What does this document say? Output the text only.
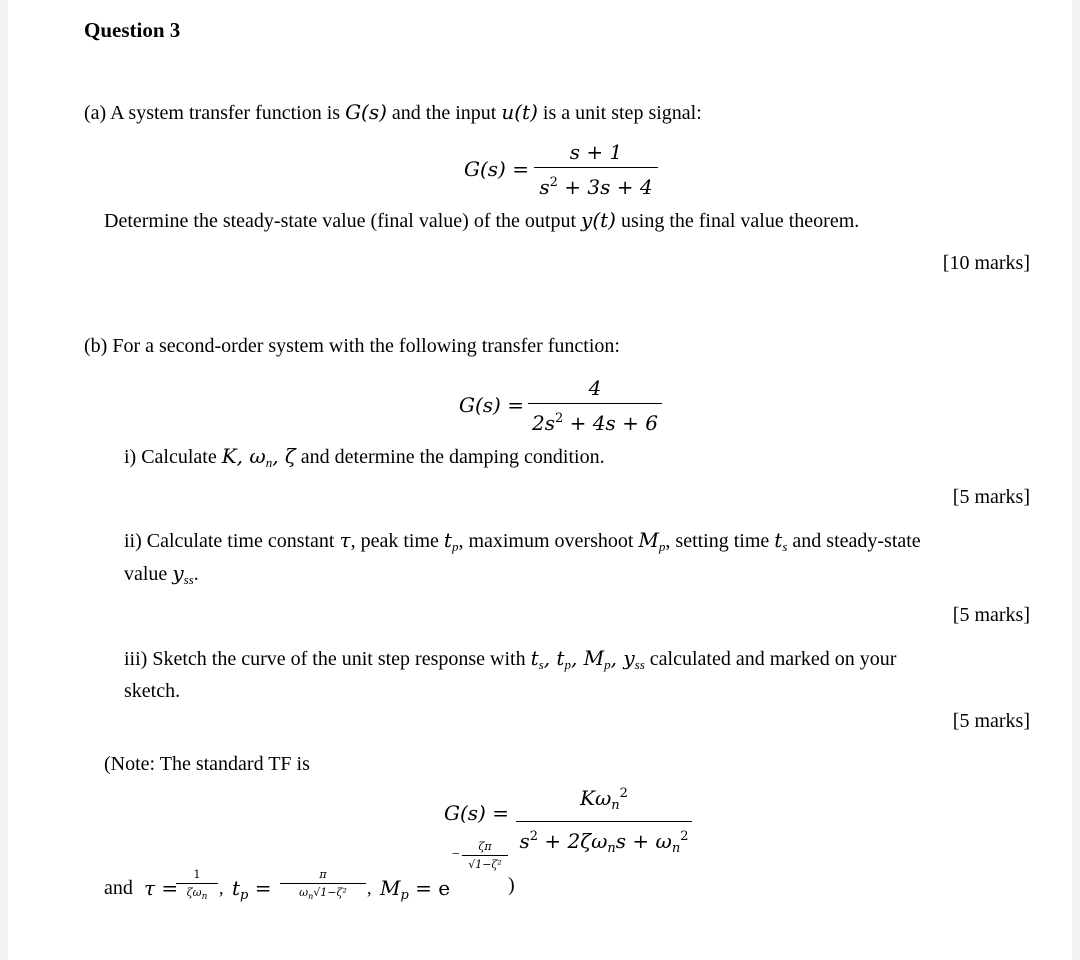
Question 3
(a) A system transfer function is G(s) and the input u(t) is a unit step signal:
G(s) =
s + 1
$s^2 + 3s + 4$
Determine the steady-state value (final value) of the output y(t) using the final value theorem.
[10 marks]
(b) For a second-order system with the following transfer function:
G(s) =
4
$2s^2 + 4s + 6$
i) Calculate K, $\omega_n$, ζ and determine the damping condition.
[5 marks]
ii) Calculate time constant τ, peak time $t_p$, maximum overshoot $M_p$, setting time $t_s$ and steady-state
value $y_{ss}$.
[5 marks]
iii) Sketch the curve of the unit step response with $t_s$, $t_p$, $M_p$, $y_{ss}$ calculated and marked on your
sketch.
[5 marks]
(Note: The standard TF is
G(s) =
$K\omega_n^2$
$s^2 + 2\zeta\omega_ns + \omega_n^2$
and τ =
1
$\zeta\omega_n$ , $t_p$ =
π
$\omega_n√1-\zeta^2$	, $M_p = e$
−
ζπ
√1−ζ²
)
